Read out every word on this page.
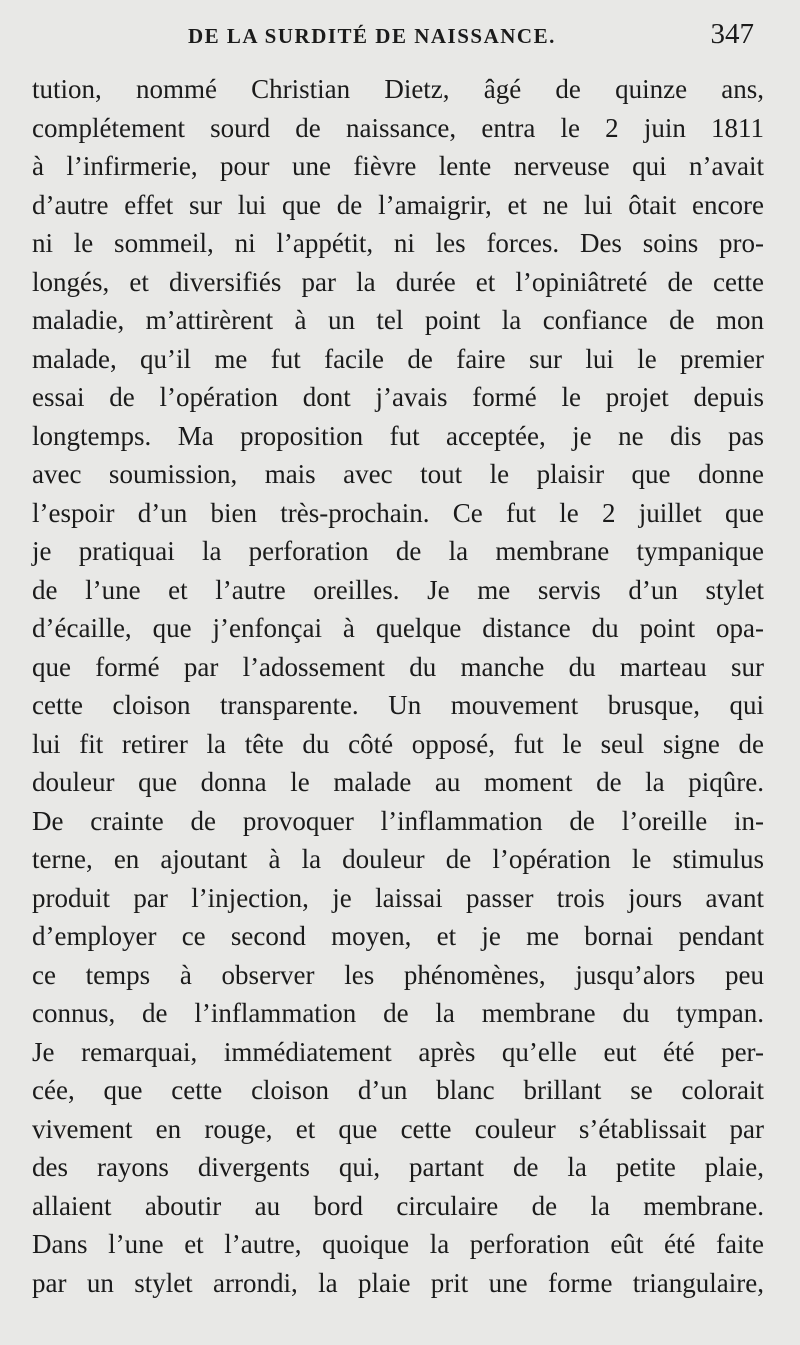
DE LA SURDITÉ DE NAISSANCE.	347
tution, nommé Christian Dietz, âgé de quinze ans,
complétement sourd de naissance, entra le 2 juin 1811
à l’infirmerie, pour une fièvre lente nerveuse qui n’avait
d’autre effet sur lui que de l’amaigrir, et ne lui ôtait encore
ni le sommeil, ni l’appétit, ni les forces. Des soins pro-
longés, et diversifiés par la durée et l’opiniâtreté de cette
maladie, m’attirèrent à un tel point la confiance de mon
malade, qu’il me fut facile de faire sur lui le premier
essai de l’opération dont j’avais formé le projet depuis
longtemps. Ma proposition fut acceptée, je ne dis pas
avec soumission, mais avec tout le plaisir que donne
l’espoir d’un bien très-prochain. Ce fut le 2 juillet que
je pratiquai la perforation de la membrane tympanique
de l’une et l’autre oreilles. Je me servis d’un stylet
d’écaille, que j’enfonçai à quelque distance du point opa-
que formé par l’adossement du manche du marteau sur
cette cloison transparente. Un mouvement brusque, qui
lui fit retirer la tête du côté opposé, fut le seul signe de
douleur que donna le malade au moment de la piqûre.
De crainte de provoquer l’inflammation de l’oreille in-
terne, en ajoutant à la douleur de l’opération le stimulus
produit par l’injection, je laissai passer trois jours avant
d’employer ce second moyen, et je me bornai pendant
ce temps à observer les phénomènes, jusqu’alors peu
connus, de l’inflammation de la membrane du tympan.
Je remarquai, immédiatement après qu’elle eut été per-
cée, que cette cloison d’un blanc brillant se colorait
vivement en rouge, et que cette couleur s’établissait par
des rayons divergents qui, partant de la petite plaie,
allaient aboutir au bord circulaire de la membrane.
Dans l’une et l’autre, quoique la perforation eût été faite
par un stylet arrondi, la plaie prit une forme triangulaire,
